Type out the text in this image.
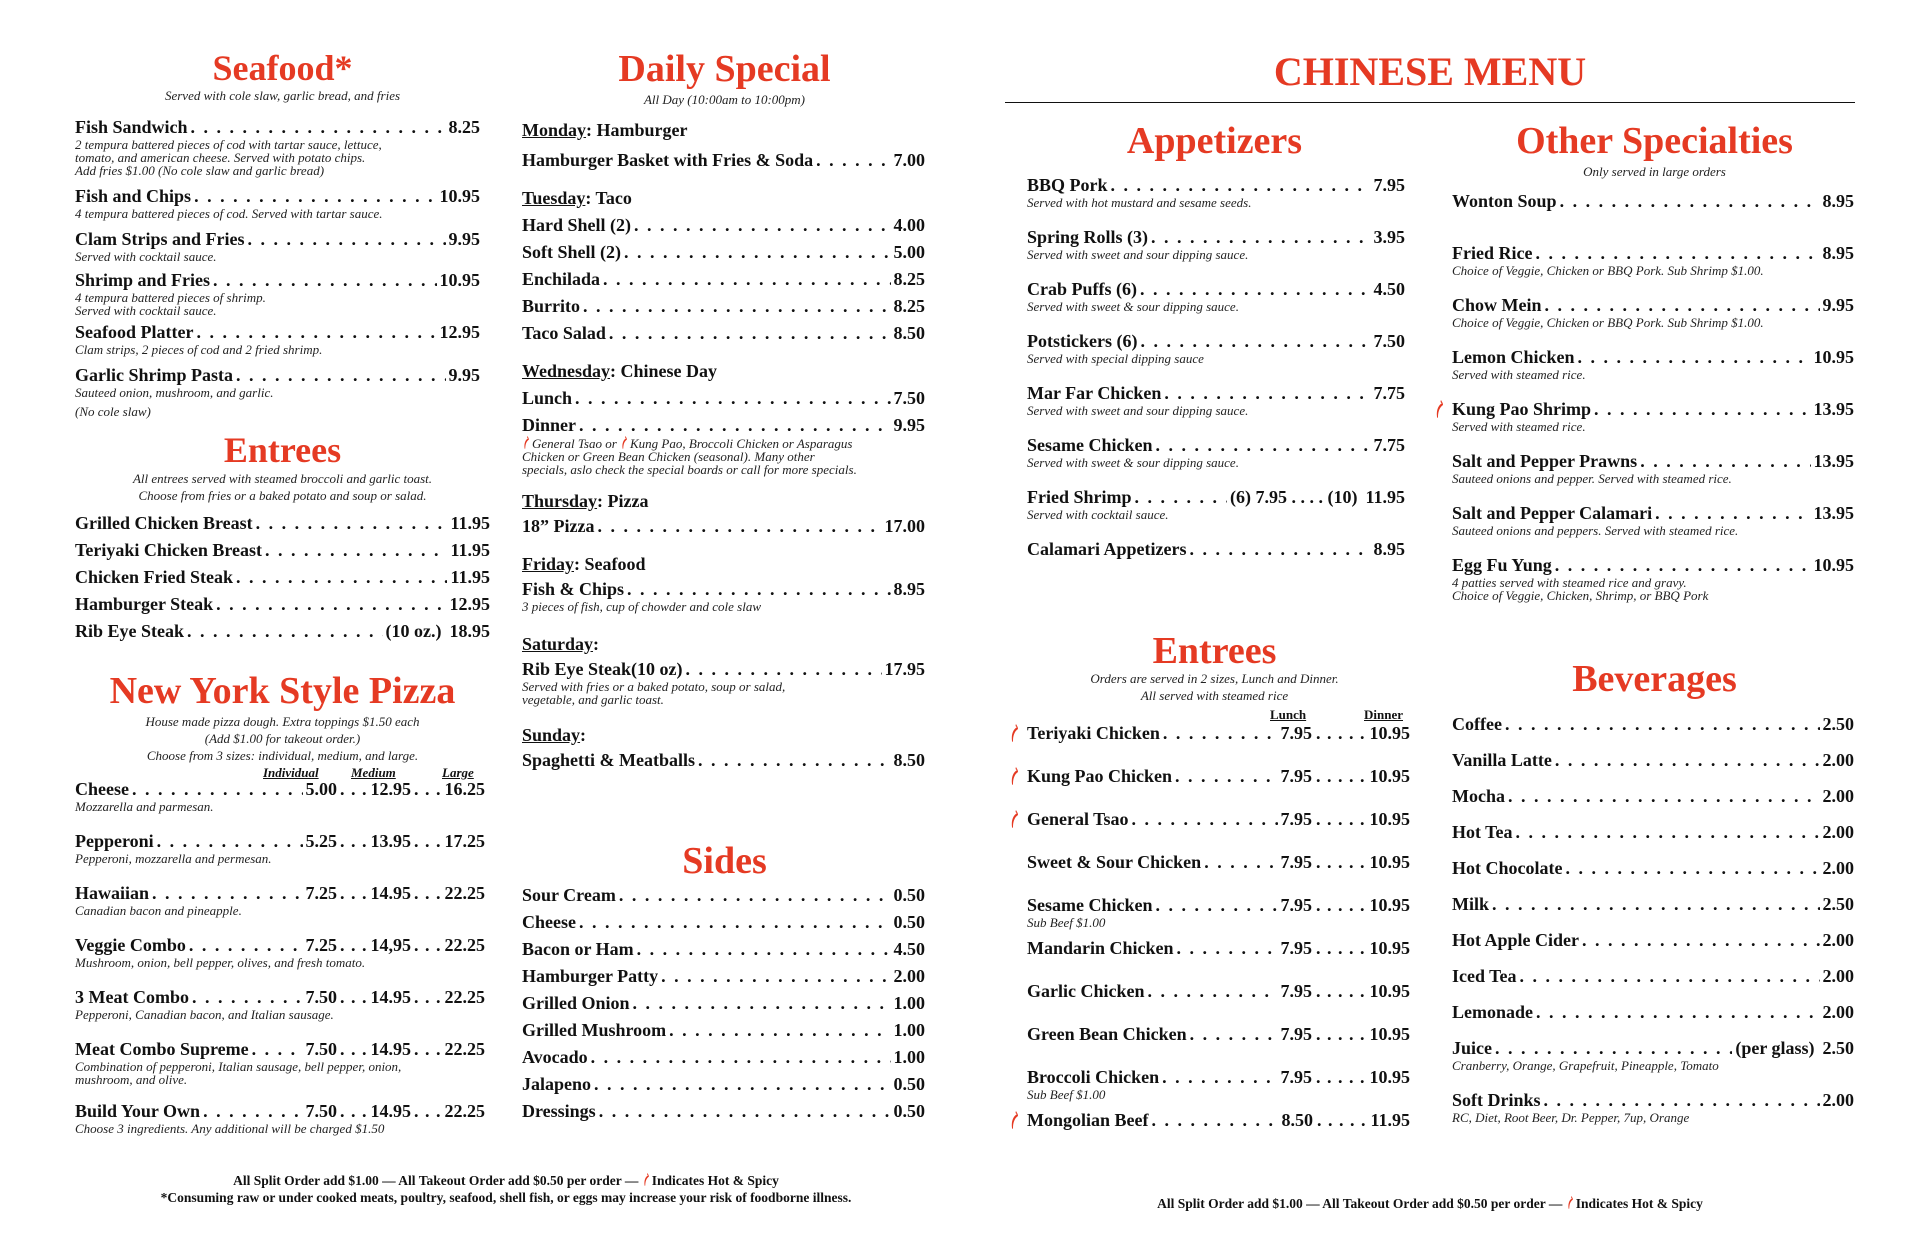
Seafood*

Served with cole slaw, garlic bread, and fries

Fish Sandwich . . .	8.25

2 tempura battered pieces of cod with tartar sauce, lettuce,

tomato, and american cheese. Served with potato chips.

Add fries $1.00 (No cole slaw and garlic bread)

Fish and Chips . . .	10.95

4 tempura battered pieces of cod. Served with tartar sauce.

Clam Strips and Fries . . .	9.95

Served with cocktail sauce.

Shrimp and Fries . . .	10.95

4 tempura battered pieces of shrimp.

Served with cocktail sauce.

Seafood Platter . . .	12.95

Clam strips, 2 pieces of cod and 2 fried shrimp.

Garlic Shrimp Pasta . . .	9.95

Sauteed onion, mushroom, and garlic.

(No cole slaw)

Entrees

All entrees served with steamed broccoli and garlic toast.

Choose from fries or a baked potato and soup or salad.

Grilled Chicken Breast . . .	11.95
Teriyaki Chicken Breast . . .	11.95
Chicken Fried Steak . . .	11.95
Hamburger Steak . . .	12.95
Rib Eye Steak . . .	(10 oz.) 18.95
New York Style Pizza

House made pizza dough. Extra toppings $1.50 each

(Add $1.00 for takeout order.)

Choose from 3 sizes: individual, medium, and large.

Individual Medium	Large
Cheese . . .	5.00 . . . 12.95 . . . 16.25

Mozzarella and parmesan.

Pepperoni . . .	5.25 . . . 13.95 . . . 17.25

Pepperoni, mozzarella and permesan.

Hawaiian . . .	7.25 . . . 14.95 . . . 22.25

Canadian bacon and pineapple.

Veggie Combo . . .	7.25 . . . 14,95 . . . 22.25

Mushroom, onion, bell pepper, olives, and fresh tomato.

3 Meat Combo . . .	7.50 . . . 14.95 . . . 22.25

Pepperoni, Canadian bacon, and Italian sausage.

Meat Combo Supreme . . .	7.50 . . . 14.95 . . . 22.25

Combination of pepperoni, Italian sausage, bell pepper, onion, mushroom, and olive.

Build Your Own . . .	7.50 . . . 14.95 . . . 22.25

Choose 3 ingredients. Any additional will be charged $1.50

Daily Special

All Day (10:00am to 10:00pm)

Monday: Hamburger
Hamburger Basket with Fries & Soda . . .	7.00
Tuesday: Taco
Hard Shell (2) . . .	4.00
Soft Shell (2) . . .	5.00
Enchilada . . .	8.25
Burrito . . .	8.25
Taco Salad . . .	8.50
Wednesday: Chinese Day
Lunch . . .	7.50
Dinner . . .	9.95

General Tsao or Kung Pao, Broccoli Chicken or Asparagus

Chicken or Green Bean Chicken (seasonal). Many other

specials, aslo check the special boards or call for more specials.

Thursday: Pizza
18” Pizza . . .	17.00
Friday: Seafood
Fish & Chips . . .	8.95

3 pieces of fish, cup of chowder and cole slaw

Saturday:
Rib Eye Steak(10 oz) . . .	17.95

Served with fries or a baked potato, soup or salad,

vegetable, and garlic toast.

Sunday:
Spaghetti & Meatballs . . .	8.50
Sides
Sour Cream . . .	0.50
Cheese . . .	0.50
Bacon or Ham . . .	4.50
Hamburger Patty . . .	2.00
Grilled Onion . . .	1.00
Grilled Mushroom . . .	1.00
Avocado . . .	1.00
Jalapeno . . .	0.50
Dressings . . .	0.50
All Split Order add $1.00 — All Takeout Order add $0.50 per order — Indicates Hot & Spicy
*Consuming raw or under cooked meats, poultry, seafood, shell fish, or eggs may increase your risk of foodborne illness.
CHINESE MENU
Appetizers
BBQ Pork . . .	7.95

Served with hot mustard and sesame seeds.

Spring Rolls (3) . . .	3.95

Served with sweet and sour dipping sauce.

Crab Puffs (6) . . .	4.50

Served with sweet & sour dipping sauce.

Potstickers (6) . . .	7.50

Served with special dipping sauce

Mar Far Chicken . . .	7.75

Served with sweet and sour dipping sauce.

Sesame Chicken . . .	7.75

Served with sweet & sour dipping sauce.

Fried Shrimp . . .	(6) 7.95 . . . . (10) 11.95

Served with cocktail sauce.

Calamari Appetizers . . .	8.95
Entrees

Orders are served in 2 sizes, Lunch and Dinner.

All served with steamed rice

Lunch	Dinner
Teriyaki Chicken . . .	7.95 . . . . . 10.95
Kung Pao Chicken . . .	7.95 . . . . . 10.95
General Tsao . . .	7.95 . . . . . 10.95
Sweet & Sour Chicken . . .	7.95 . . . . . 10.95
Sesame Chicken . . .	7.95 . . . . . 10.95

Sub Beef $1.00

Mandarin Chicken . . .	7.95 . . . . . 10.95
Garlic Chicken . . .	7.95 . . . . . 10.95
Green Bean Chicken . . .	7.95 . . . . . 10.95
Broccoli Chicken . . .	7.95 . . . . . 10.95

Sub Beef $1.00

Mongolian Beef . . .	8.50 . . . . . 11.95
Other Specialties

Only served in large orders

Wonton Soup . . .	8.95
Fried Rice . . .	8.95

Choice of Veggie, Chicken or BBQ Pork. Sub Shrimp $1.00.

Chow Mein . . .	9.95

Choice of Veggie, Chicken or BBQ Pork. Sub Shrimp $1.00.

Lemon Chicken . . .	10.95

Served with steamed rice.

Kung Pao Shrimp . . .	13.95

Served with steamed rice.

Salt and Pepper Prawns . . .	13.95

Sauteed onions and pepper. Served with steamed rice.

Salt and Pepper Calamari . . .	13.95

Sauteed onions and peppers. Served with steamed rice.

Egg Fu Yung . . .	10.95

4 patties served with steamed rice and gravy.

Choice of Veggie, Chicken, Shrimp, or BBQ Pork

Beverages
Coffee . . .	2.50
Vanilla Latte . . .	2.00
Mocha . . .	2.00
Hot Tea . . .	2.00
Hot Chocolate . . .	2.00
Milk . . .	2.50
Hot Apple Cider . . .	2.00
Iced Tea . . .	2.00
Lemonade . . .	2.00
Juice . . .	(per glass) 2.50

Cranberry, Orange, Grapefruit, Pineapple, Tomato

Soft Drinks . . .	2.00

RC, Diet, Root Beer, Dr. Pepper, 7up, Orange

All Split Order add $1.00 — All Takeout Order add $0.50 per order — Indicates Hot & Spicy
